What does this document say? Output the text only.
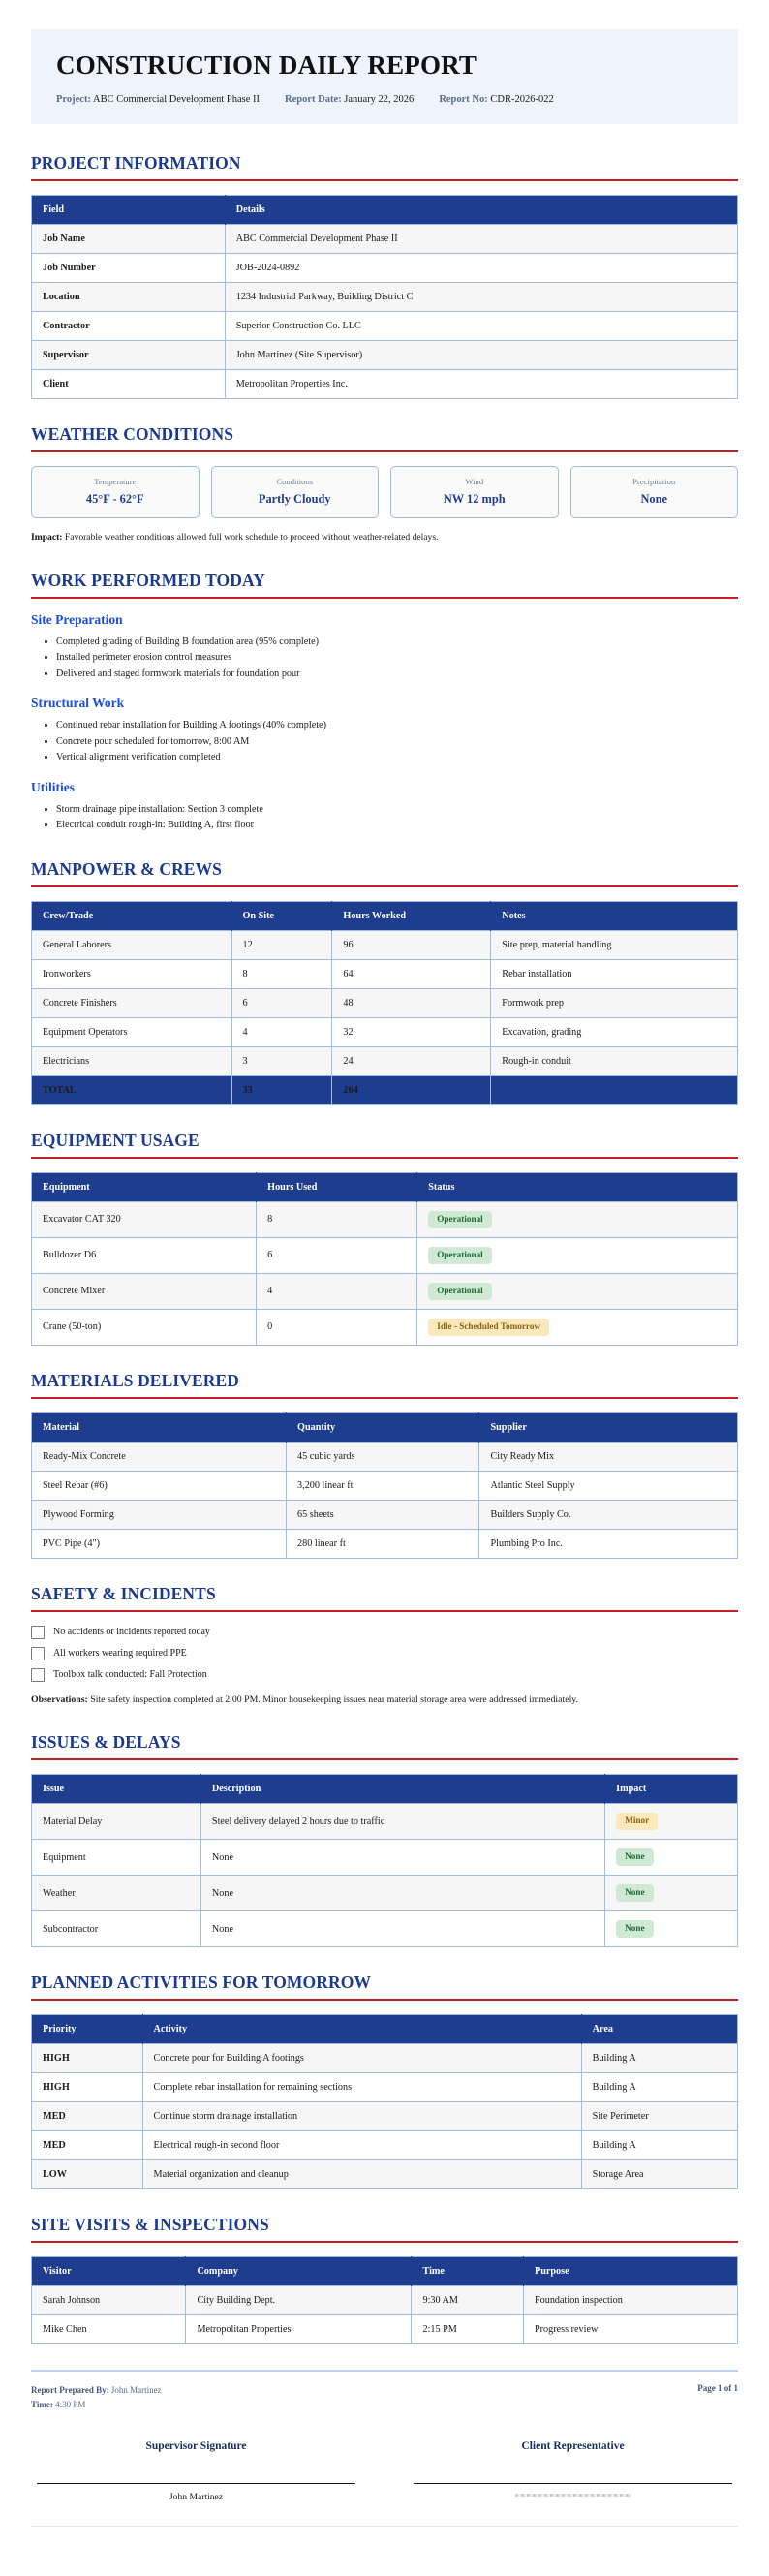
CONSTRUCTION DAILY REPORT
Project: ABC Commercial Development Phase II Report Date: January 22, 2026 Report No: CDR-2026-022
PROJECT INFORMATION
Field	Details
Job Name	ABC Commercial Development Phase II
Job Number	JOB-2024-0892
Location	1234 Industrial Parkway, Building District C
Contractor	Superior Construction Co. LLC
Supervisor	John Martinez (Site Supervisor)
Client	Metropolitan Properties Inc.
WEATHER CONDITIONS
Temperature
45°F - 62°F
Conditions
Partly Cloudy
Wind
NW 12 mph
Precipitation
None
Impact: Favorable weather conditions allowed full work schedule to proceed without weather-related delays.
WORK PERFORMED TODAY
Site Preparation
• Completed grading of Building B foundation area (95% complete)
• Installed perimeter erosion control measures
• Delivered and staged formwork materials for foundation pour
Structural Work
• Continued rebar installation for Building A footings (40% complete)
• Concrete pour scheduled for tomorrow, 8:00 AM
• Vertical alignment verification completed
Utilities
• Storm drainage pipe installation: Section 3 complete
• Electrical conduit rough-in: Building A, first floor
MANPOWER & CREWS
Crew/Trade	On Site	Hours Worked	Notes
General Laborers	12	96	Site prep, material handling
Ironworkers	8	64	Rebar installation
Concrete Finishers	6	48	Formwork prep
Equipment Operators	4	32	Excavation, grading
Electricians	3	24	Rough-in conduit
TOTAL	33	264	
EQUIPMENT USAGE
Equipment	Hours Used	Status
Excavator CAT 320	8	Operational
Bulldozer D6	6	Operational
Concrete Mixer	4	Operational
Crane (50-ton)	0	Idle - Scheduled Tomorrow
MATERIALS DELIVERED
Material	Quantity	Supplier
Ready-Mix Concrete	45 cubic yards	City Ready Mix
Steel Rebar (#6)	3,200 linear ft	Atlantic Steel Supply
Plywood Forming	65 sheets	Builders Supply Co.
PVC Pipe (4")	280 linear ft	Plumbing Pro Inc.
SAFETY & INCIDENTS
No accidents or incidents reported today
All workers wearing required PPE
Toolbox talk conducted: Fall Protection
Observations: Site safety inspection completed at 2:00 PM. Minor housekeeping issues near material storage area were addressed immediately.
ISSUES & DELAYS
Issue	Description	Impact
Material Delay	Steel delivery delayed 2 hours due to traffic	Minor
Equipment	None	None
Weather	None	None
Subcontractor	None	None
PLANNED ACTIVITIES FOR TOMORROW
Priority	Activity	Area
HIGH	Concrete pour for Building A footings	Building A
HIGH	Complete rebar installation for remaining sections	Building A
MED	Continue storm drainage installation	Site Perimeter
MED	Electrical rough-in second floor	Building A
LOW	Material organization and cleanup	Storage Area
SITE VISITS & INSPECTIONS
Visitor	Company	Time	Purpose
Sarah Johnson	City Building Dept.	9:30 AM	Foundation inspection
Mike Chen	Metropolitan Properties	2:15 PM	Progress review
Report Prepared By: John Martinez
Time: 4:30 PM
Page 1 of 1
Supervisor Signature
John Martinez
Client Representative
